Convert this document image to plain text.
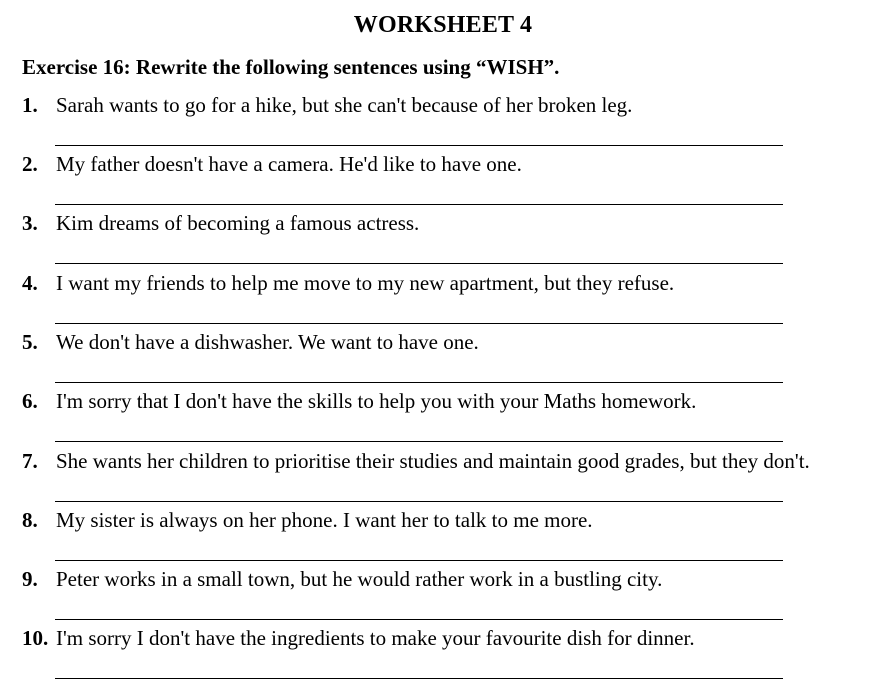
WORKSHEET 4
Exercise 16: Rewrite the following sentences using “WISH”.
1. Sarah wants to go for a hike, but she can't because of her broken leg.
2. My father doesn't have a camera. He'd like to have one.
3. Kim dreams of becoming a famous actress.
4. I want my friends to help me move to my new apartment, but they refuse.
5. We don't have a dishwasher. We want to have one.
6. I'm sorry that I don't have the skills to help you with your Maths homework.
7. She wants her children to prioritise their studies and maintain good grades, but they don't.
8. My sister is always on her phone. I want her to talk to me more.
9. Peter works in a small town, but he would rather work in a bustling city.
10. I'm sorry I don't have the ingredients to make your favourite dish for dinner.
